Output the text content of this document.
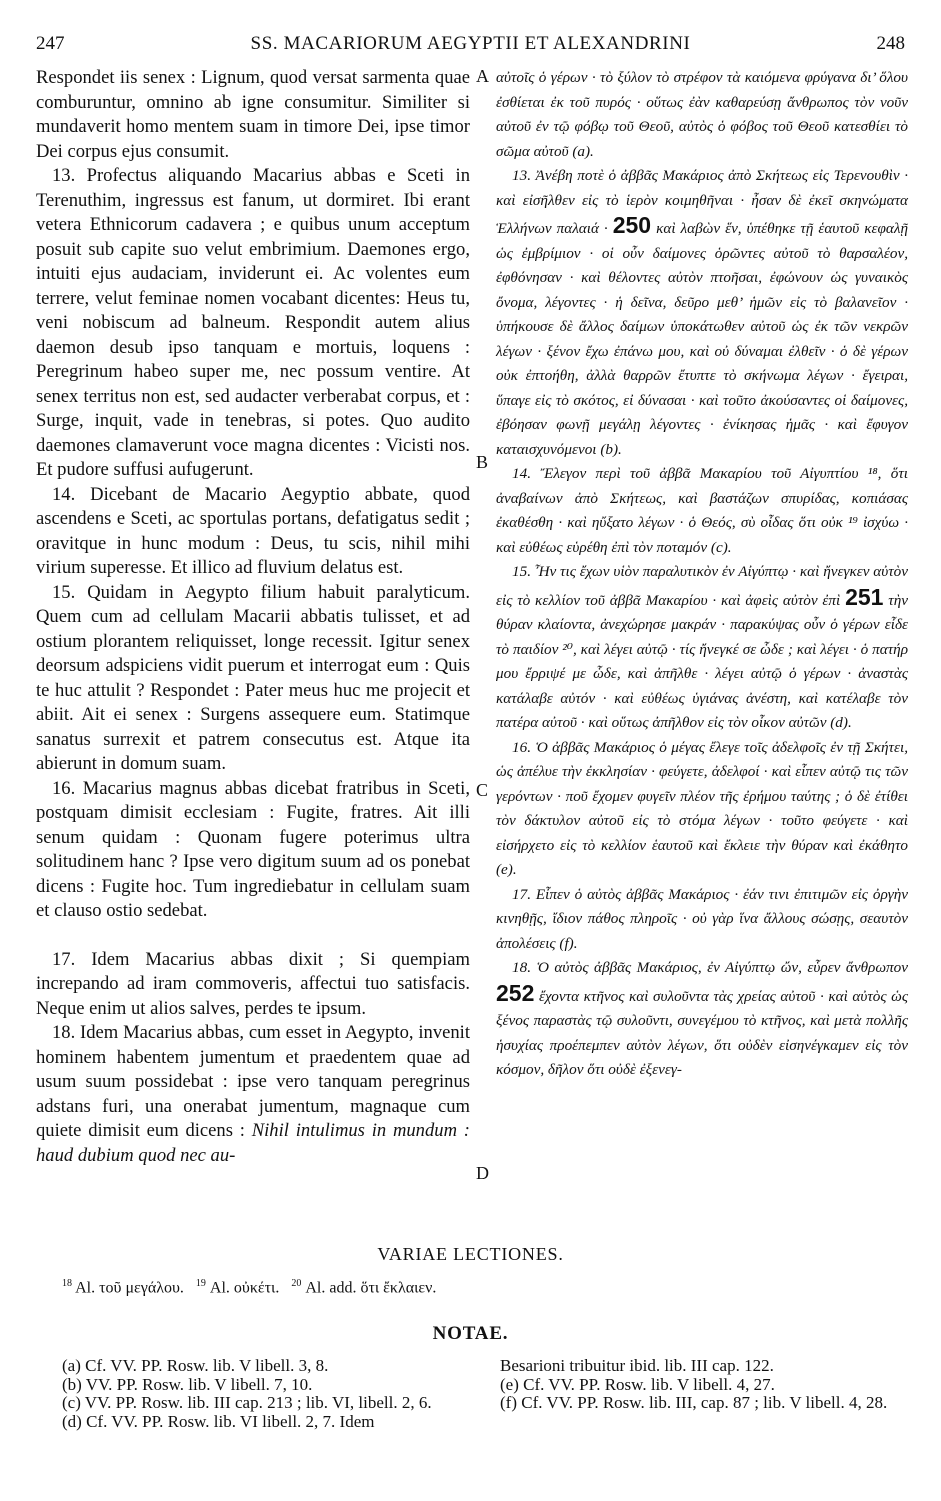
247	SS. MACARIORUM AEGYPTII ET ALEXANDRINI	248
A
B
C
D

Respondet iis senex : Lignum, quod versat sarmenta quae comburuntur, omnino ab igne consumitur. Similiter si mundaverit homo mentem suam in timore Dei, ipse timor Dei corpus ejus consumit.

13. Profectus aliquando Macarius abbas e Sceti in Terenuthim, ingressus est fanum, ut dormiret. Ibi erant vetera Ethnicorum cadavera ; e quibus unum acceptum posuit sub capite suo velut embrimium. Daemones ergo, intuiti ejus audaciam, inviderunt ei. Ac volentes eum terrere, velut feminae nomen vocabant dicentes: Heus tu, veni nobiscum ad balneum. Respondit autem alius daemon desub ipso tanquam e mortuis, loquens : Peregrinum habeo super me, nec possum ventire. At senex territus non est, sed audacter verberabat corpus, et : Surge, inquit, vade in tenebras, si potes. Quo audito daemones clamaverunt voce magna dicentes : Vicisti nos. Et pudore suffusi aufugerunt.

14. Dicebant de Macario Aegyptio abbate, quod ascendens e Sceti, ac sportulas portans, defatigatus sedit ; oravitque in hunc modum : Deus, tu scis, nihil mihi virium superesse. Et illico ad fluvium delatus est.

15. Quidam in Aegypto filium habuit paralyticum. Quem cum ad cellulam Macarii abbatis tulisset, et ad ostium plorantem reliquisset, longe recessit. Igitur senex deorsum adspiciens vidit puerum et interrogat eum : Quis te huc attulit ? Respondet : Pater meus huc me projecit et abiit. Ait ei senex : Surgens assequere eum. Statimque sanatus surrexit et patrem consecutus est. Atque ita abierunt in domum suam.

16. Macarius magnus abbas dicebat fratribus in Sceti, postquam dimisit ecclesiam : Fugite, fratres. Ait illi senum quidam : Quonam fugere poterimus ultra solitudinem hanc ? Ipse vero digitum suum ad os ponebat dicens : Fugite hoc. Tum ingrediebatur in cellulam suam et clauso ostio sedebat.

17. Idem Macarius abbas dixit ; Si quempiam increpando ad iram commoveris, affectui tuo satisfacis. Neque enim ut alios salves, perdes te ipsum.

18. Idem Macarius abbas, cum esset in Aegypto, invenit hominem habentem jumentum et praedentem quae ad usum suum possidebat : ipse vero tanquam peregrinus adstans furi, una onerabat jumentum, magnaque cum quiete dimisit eum dicens : Nihil intulimus in mundum : haud dubium quod nec au-

αὐτοῖς ὁ γέρων · τὸ ξύλον τὸ στρέφον τὰ καιόμενα φρύγανα δι’ ὅλου ἐσθίεται ἐκ τοῦ πυρός · οὕτως ἐὰν καθαρεύσῃ ἄνθρωπος τὸν νοῦν αὐτοῦ ἐν τῷ φόβῳ τοῦ Θεοῦ, αὐτὸς ὁ φόβος τοῦ Θεοῦ κατεσθίει τὸ σῶμα αὐτοῦ (a).

13. Ἀνέβη ποτὲ ὁ ἀββᾶς Μακάριος ἀπὸ Σκήτεως εἰς Τερενουθὶν · καὶ εἰσῆλθεν εἰς τὸ ἱερὸν κοιμηθῆναι · ἦσαν δὲ ἐκεῖ σκηνώματα Ἑλλήνων παλαιά · 250 καὶ λαβὼν ἕν, ὑπέθηκε τῇ ἑαυτοῦ κεφαλῇ ὡς ἐμβρίμιον · οἱ οὖν δαίμονες ὁρῶντες αὐτοῦ τὸ θαρσαλέον, ἐφθόνησαν · καὶ θέλοντες αὐτὸν πτοῆσαι, ἐφώνουν ὡς γυναικὸς ὄνομα, λέγοντες · ἡ δεῖνα, δεῦρο μεθ’ ἡμῶν εἰς τὸ βαλανεῖον · ὑπήκουσε δὲ ἄλλος δαίμων ὑποκάτωθεν αὐτοῦ ὡς ἐκ τῶν νεκρῶν λέγων · ξένον ἔχω ἐπάνω μου, καὶ οὐ δύναμαι ἐλθεῖν · ὁ δὲ γέρων οὐκ ἐπτοήθη, ἀλλὰ θαρρῶν ἔτυπτε τὸ σκήνωμα λέγων · ἔγειραι, ὕπαγε εἰς τὸ σκότος, εἰ δύνασαι · καὶ τοῦτο ἀκούσαντες οἱ δαίμονες, ἐβόησαν φωνῇ μεγάλῃ λέγοντες · ἐνίκησας ἡμᾶς · καὶ ἔφυγον καταισχυνόμενοι (b).

14. Ἔλεγον περὶ τοῦ ἀββᾶ Μακαρίου τοῦ Αἰγυπτίου ¹⁸, ὅτι ἀναβαίνων ἀπὸ Σκήτεως, καὶ βαστάζων σπυρίδας, κοπιάσας ἐκαθέσθη · καὶ ηὔξατο λέγων · ὁ Θεός, σὺ οἶδας ὅτι οὐκ ¹⁹ ἰσχύω · καὶ εὐθέως εὑρέθη ἐπὶ τὸν ποταμόν (c).

15. Ἦν τις ἔχων υἱὸν παραλυτικὸν ἐν Αἰγύπτῳ · καὶ ἤνεγκεν αὐτὸν εἰς τὸ κελλίον τοῦ ἀββᾶ Μακαρίου · καὶ ἀφεὶς αὐτὸν ἐπὶ 251 τὴν θύραν κλαίοντα, ἀνεχώρησε μακράν · παρακύψας οὖν ὁ γέρων εἶδε τὸ παιδίον ²⁰, καὶ λέγει αὐτῷ · τίς ἤνεγκέ σε ὧδε ; καὶ λέγει · ὁ πατήρ μου ἔρριψέ με ὧδε, καὶ ἀπῆλθε · λέγει αὐτῷ ὁ γέρων · ἀναστὰς κατάλαβε αὐτόν · καὶ εὐθέως ὑγιάνας ἀνέστη, καὶ κατέλαβε τὸν πατέρα αὐτοῦ · καὶ οὕτως ἀπῆλθον εἰς τὸν οἶκον αὐτῶν (d).

16. Ὁ ἀββᾶς Μακάριος ὁ μέγας ἔλεγε τοῖς ἀδελφοῖς ἐν τῇ Σκήτει, ὡς ἀπέλυε τὴν ἐκκλησίαν · φεύγετε, ἀδελφοί · καὶ εἶπεν αὐτῷ τις τῶν γερόντων · ποῦ ἔχομεν φυγεῖν πλέον τῆς ἐρήμου ταύτης ; ὁ δὲ ἐτίθει τὸν δάκτυλον αὐτοῦ εἰς τὸ στόμα λέγων · τοῦτο φεύγετε · καὶ εἰσήρχετο εἰς τὸ κελλίον ἑαυτοῦ καὶ ἔκλειε τὴν θύραν καὶ ἐκάθητο (e).

17. Εἶπεν ὁ αὐτὸς ἀββᾶς Μακάριος · ἐάν τινι ἐπιτιμῶν εἰς ὀργὴν κινηθῇς, ἴδιον πάθος πληροῖς · οὐ γὰρ ἵνα ἄλλους σώσῃς, σεαυτὸν ἀπολέσεις (f).

18. Ὁ αὐτὸς ἀββᾶς Μακάριος, ἐν Αἰγύπτῳ ὤν, εὗρεν ἄνθρωπον 252 ἔχοντα κτῆνος καὶ συλοῦντα τὰς χρείας αὐτοῦ · καὶ αὐτὸς ὡς ξένος παραστὰς τῷ συλοῦντι, συνεγέμου τὸ κτῆνος, καὶ μετὰ πολλῆς ἡσυχίας προέπεμπεν αὐτὸν λέγων, ὅτι οὐδὲν εἰσηνέγκαμεν εἰς τὸν κόσμον, δῆλον ὅτι οὐδὲ ἐξενεγ-

VARIAE LECTIONES.
$^{18}$ Al. τοῦ μεγάλου. $^{19}$ Al. οὐκέτι. $^{20}$ Al. add. ὅτι ἔκλαιεν.
NOTAE.

(a) Cf. VV. PP. Rosw. lib. V libell. 3, 8.

(b) VV. PP. Rosw. lib. V libell. 7, 10.

(c) VV. PP. Rosw. lib. III cap. 213 ; lib. VI, libell. 2, 6.

(d) Cf. VV. PP. Rosw. lib. VI libell. 2, 7. Idem

Besarioni tribuitur ibid. lib. III cap. 122.

(e) Cf. VV. PP. Rosw. lib. V libell. 4, 27.

(f) Cf. VV. PP. Rosw. lib. III, cap. 87 ; lib. V libell. 4, 28.
